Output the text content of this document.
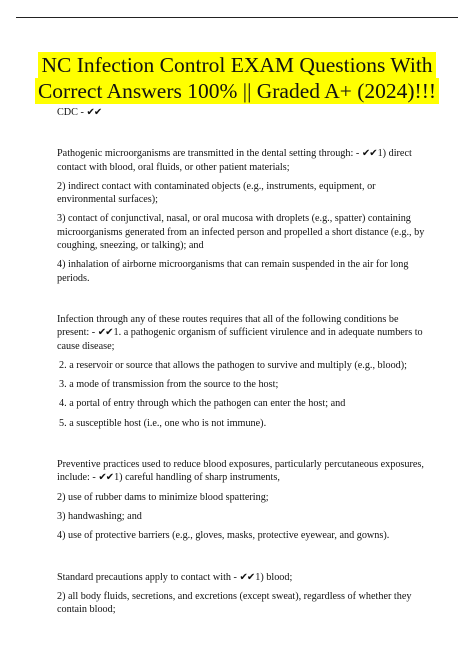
NC Infection Control EXAM Questions With
Correct Answers 100% || Graded A+ (2024)!!!

CDC - ✔✔

Pathogenic microorganisms are transmitted in the dental setting through: - ✔✔1) direct contact with blood, oral fluids, or other patient materials;

2) indirect contact with contaminated objects (e.g., instruments, equipment, or environmental surfaces);

3) contact of conjunctival, nasal, or oral mucosa with droplets (e.g., spatter) containing microorganisms generated from an infected person and propelled a short distance (e.g., by coughing, sneezing, or talking); and

4) inhalation of airborne microorganisms that can remain suspended in the air for long periods.

Infection through any of these routes requires that all of the following conditions be present: - ✔✔1. a pathogenic organism of sufficient virulence and in adequate numbers to cause disease;

2. a reservoir or source that allows the pathogen to survive and multiply (e.g., blood);

3. a mode of transmission from the source to the host;

4. a portal of entry through which the pathogen can enter the host; and

5. a susceptible host (i.e., one who is not immune).

Preventive practices used to reduce blood exposures, particularly percutaneous exposures, include: - ✔✔1) careful handling of sharp instruments,

2) use of rubber dams to minimize blood spattering;

3) handwashing; and

4) use of protective barriers (e.g., gloves, masks, protective eyewear, and gowns).

Standard precautions apply to contact with - ✔✔1) blood;

2) all body fluids, secretions, and excretions (except sweat), regardless of whether they contain blood;
